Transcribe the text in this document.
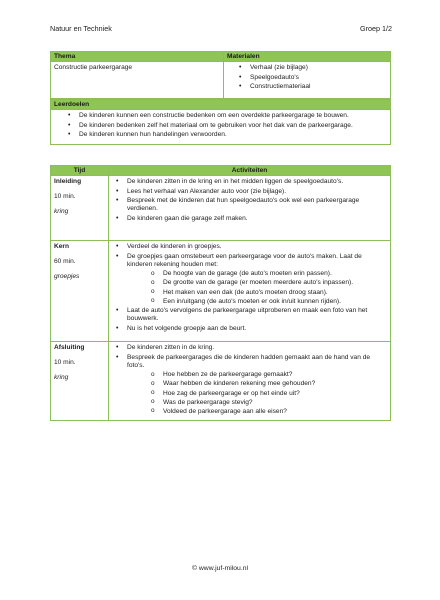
Natuur en Techniek	Groep 1/2
Thema	Materialen
Constructie parkeergarage
•	Verhaal (zie bijlage)
• Speelgoedauto's
• Constructiemateriaal
Leerdoelen
• De kinderen kunnen een constructie bedenken om een overdekte parkeergarage te bouwen.
• De kinderen bedenken zelf het materiaal om te gebruiken voor het dak van de parkeergarage.
• De kinderen kunnen hun handelingen verwoorden.
Tijd	Activiteiten
Inleiding
10 min.
kring
• De kinderen zitten in de kring en in het midden liggen de speelgoedauto's.
• Lees het verhaal van Alexander auto voor (zie bijlage).
• Bespreek met de kinderen dat hun speelgoedauto's ook wel een parkeergarage verdienen.
• De kinderen gaan die garage zelf maken.
Kern
60 min.
groepjes
• Verdeel de kinderen in groepjes.
• De groepjes gaan omstebeurt een parkeergarage voor de auto's maken. Laat de kinderen rekening houden met:
o De hoogte van de garage (de auto's moeten erin passen).
o De grootte van de garage (er moeten meerdere auto's inpassen).
o Het maken van een dak (de auto's moeten droog staan).
o Een in/uitgang (de auto's moeten er ook in/uit kunnen rijden).
• Laat de auto's vervolgens de parkeergarage uitproberen en maak een foto van het bouwwerk.
• Nu is het volgende groepje aan de beurt.
Afsluiting
10 min.
kring
• De kinderen zitten in de kring.
• Bespreek de parkeergarages die de kinderen hadden gemaakt aan de hand van de foto's.
o Hoe hebben ze de parkeergarage gemaakt?
o Waar hebben de kinderen rekening mee gehouden?
o Hoe zag de parkeergarage er op het einde uit?
o Was de parkeergarage stevig?
o Voldeed de parkeergarage aan alle eisen?
© www.juf-milou.nl
